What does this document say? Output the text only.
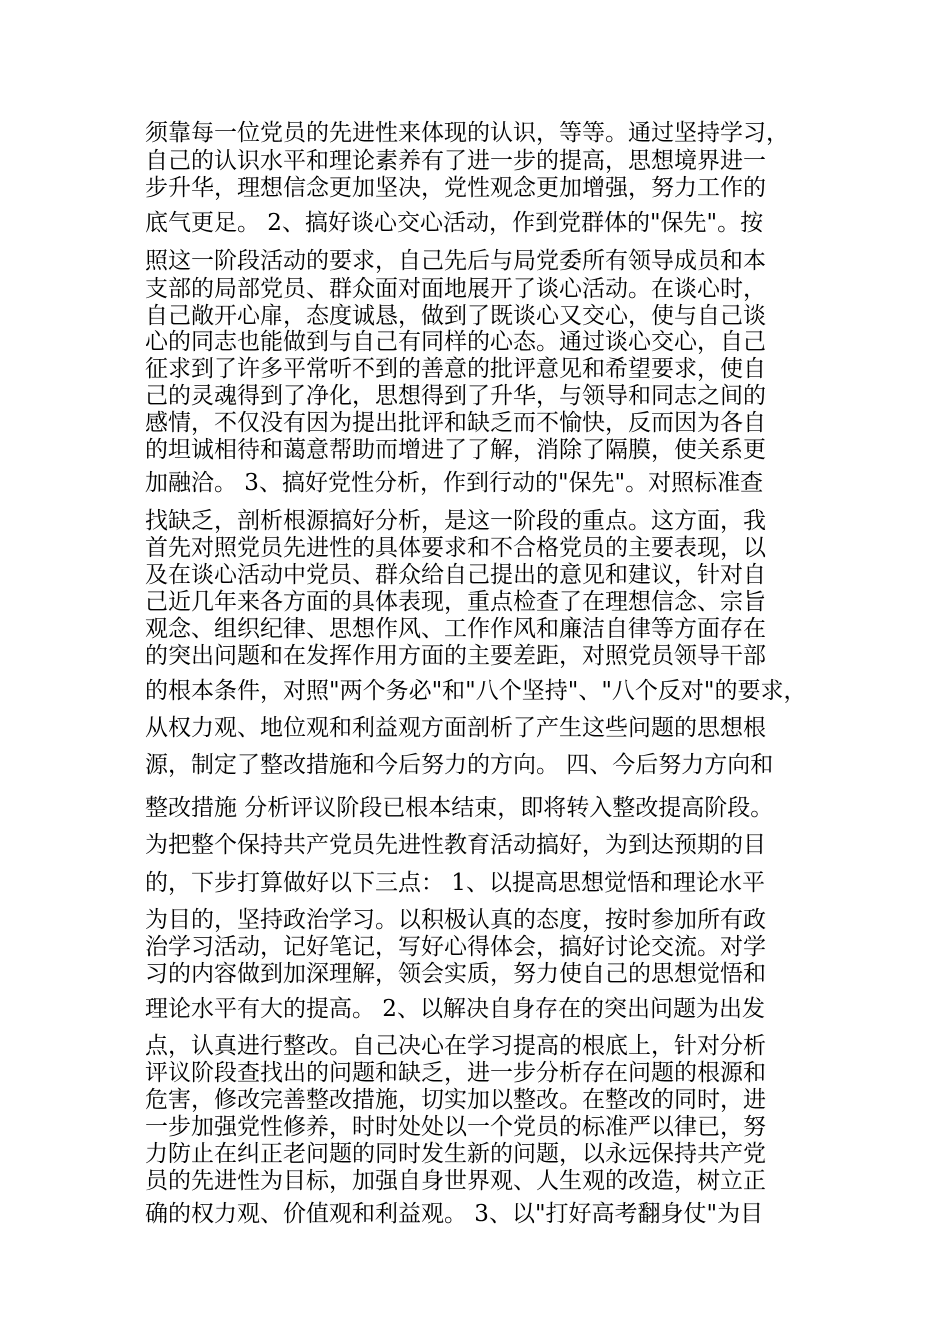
须靠每一位党员的先进性来体现的认识，等等。通过坚持学习，
自己的认识水平和理论素养有了进一步的提高，思想境界进一
步升华，理想信念更加坚决，党性观念更加增强，努力工作的
底气更足。 2、搞好谈心交心活动，作到党群体的"保先"。按
照这一阶段活动的要求，自己先后与局党委所有领导成员和本
支部的局部党员、群众面对面地展开了谈心活动。在谈心时，
自己敞开心扉，态度诚恳，做到了既谈心又交心，使与自己谈
心的同志也能做到与自己有同样的心态。通过谈心交心，自己
征求到了许多平常听不到的善意的批评意见和希望要求，使自
己的灵魂得到了净化，思想得到了升华，与领导和同志之间的
感情，不仅没有因为提出批评和缺乏而不愉快，反而因为各自
的坦诚相待和蔼意帮助而增进了了解，消除了隔膜，使关系更
加融洽。 3、搞好党性分析，作到行动的"保先"。对照标准查
找缺乏，剖析根源搞好分析，是这一阶段的重点。这方面，我
首先对照党员先进性的具体要求和不合格党员的主要表现，以
及在谈心活动中党员、群众给自己提出的意见和建议，针对自
己近几年来各方面的具体表现，重点检查了在理想信念、宗旨
观念、组织纪律、思想作风、工作作风和廉洁自律等方面存在
的突出问题和在发挥作用方面的主要差距，对照党员领导干部
的根本条件，对照"两个务必"和"八个坚持"、"八个反对"的要求，
从权力观、地位观和利益观方面剖析了产生这些问题的思想根
源，制定了整改措施和今后努力的方向。 四、今后努力方向和
整改措施 分析评议阶段已根本结束，即将转入整改提高阶段。
为把整个保持共产党员先进性教育活动搞好，为到达预期的目
的，下步打算做好以下三点： 1、以提高思想觉悟和理论水平
为目的，坚持政治学习。以积极认真的态度，按时参加所有政
治学习活动，记好笔记，写好心得体会，搞好讨论交流。对学
习的内容做到加深理解，领会实质，努力使自己的思想觉悟和
理论水平有大的提高。 2、以解决自身存在的突出问题为出发
点，认真进行整改。自己决心在学习提高的根底上，针对分析
评议阶段查找出的问题和缺乏，进一步分析存在问题的根源和
危害，修改完善整改措施，切实加以整改。在整改的同时，进
一步加强党性修养，时时处处以一个党员的标准严以律已，努
力防止在纠正老问题的同时发生新的问题，以永远保持共产党
员的先进性为目标，加强自身世界观、人生观的改造，树立正
确的权力观、价值观和利益观。 3、以"打好高考翻身仗"为目
